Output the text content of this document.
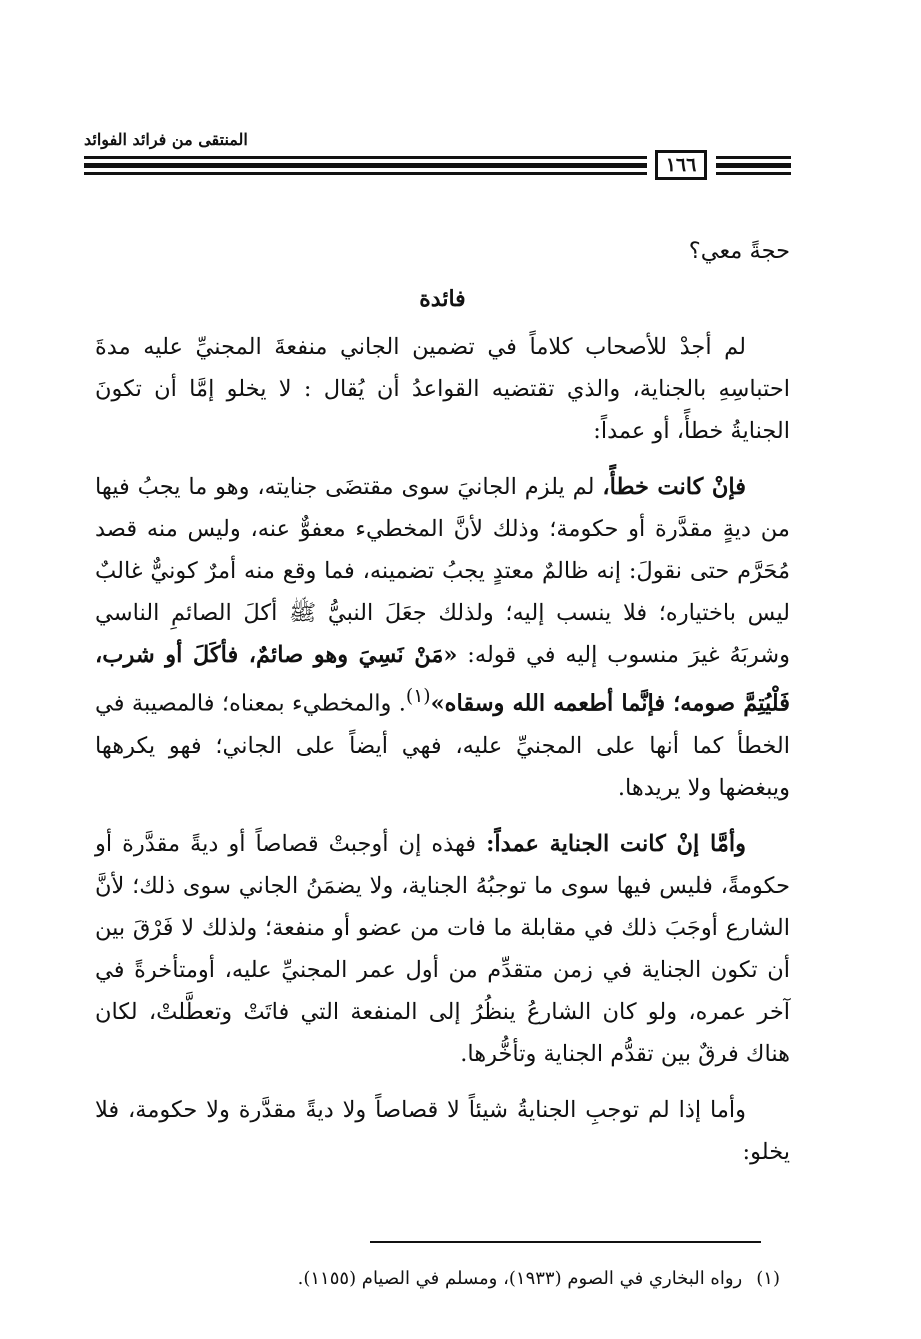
المنتقى من فرائد الفوائد
١٦٦

حجةً معي؟

فائدة

لم أجدْ للأصحاب كلاماً في تضمين الجاني منفعةَ المجنيِّ عليه مدةَ احتباسِهِ بالجناية، والذي تقتضيه القواعدُ أن يُقال : لا يخلو إمَّا أن تكونَ الجنايةُ خطأً، أو عمداً:

فإنْ كانت خطأً، لم يلزم الجانيَ سوى مقتضَى جنايته، وهو ما يجبُ فيها من ديةٍ مقدَّرة أو حكومة؛ وذلك لأنَّ المخطيء معفوٌّ عنه، وليس منه قصد مُحَرَّم حتى نقولَ: إنه ظالمٌ معتدٍ يجبُ تضمينه، فما وقع منه أمرٌ كونيٌّ غالبٌ ليس باختياره؛ فلا ينسب إليه؛ ولذلك جعَلَ النبيُّ ﷺ أكلَ الصائمِ الناسي وشربَهُ غيرَ منسوب إليه في قوله: «مَنْ نَسِيَ وهو صائمٌ، فأكَلَ أو شرب، فَلْيُتِمَّ صومه؛ فإنَّما أطعمه الله وسقاه»$^{(١)}$. والمخطيء بمعناه؛ فالمصيبة في الخطأ كما أنها على المجنيِّ عليه، فهي أيضاً على الجاني؛ فهو يكرهها ويبغضها ولا يريدها.

وأمَّا إنْ كانت الجناية عمداً: فهذه إن أوجبتْ قصاصاً أو ديةً مقدَّرة أو حكومةً، فليس فيها سوى ما توجبُهُ الجناية، ولا يضمَنُ الجاني سوى ذلك؛ لأنَّ الشارع أوجَبَ ذلك في مقابلة ما فات من عضو أو منفعة؛ ولذلك لا فَرْقَ بين أن تكون الجناية في زمن متقدِّم من أول عمر المجنيِّ عليه، أومتأخرةً في آخر عمره، ولو كان الشارعُ ينظُرُ إلى المنفعة التي فاتَتْ وتعطَّلتْ، لكان هناك فرقٌ بين تقدُّم الجناية وتأخُّرها.

وأما إذا لم توجبِ الجنايةُ شيئاً لا قصاصاً ولا ديةً مقدَّرة ولا حكومة، فلا يخلو:

(١)رواه البخاري في الصوم (١٩٣٣)، ومسلم في الصيام (١١٥٥).
